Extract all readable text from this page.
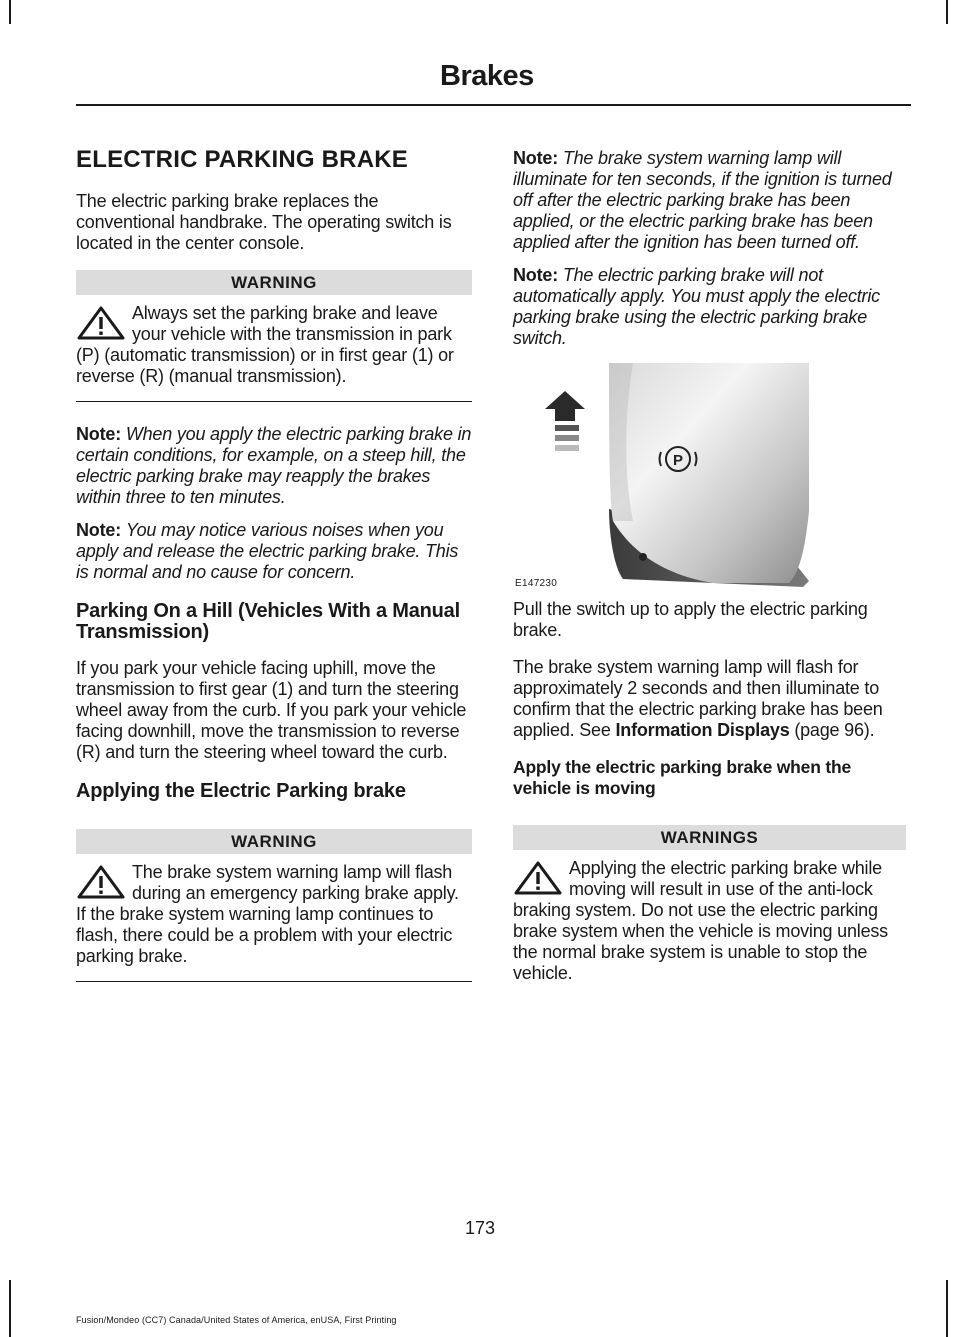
Brakes
ELECTRIC PARKING BRAKE

The electric parking brake replaces the conventional handbrake. The operating switch is located in the center console.

WARNING

Always set the parking brake and leave your vehicle with the transmission in park (P) (automatic transmission) or in first gear (1) or reverse (R) (manual transmission).

Note: When you apply the electric parking brake in certain conditions, for example, on a steep hill, the electric parking brake may reapply the brakes within three to ten minutes.

Note: You may notice various noises when you apply and release the electric parking brake. This is normal and no cause for concern.

Parking On a Hill (Vehicles With a Manual Transmission)

If you park your vehicle facing uphill, move the transmission to first gear (1) and turn the steering wheel away from the curb. If you park your vehicle facing downhill, move the transmission to reverse (R) and turn the steering wheel toward the curb.

Applying the Electric Parking brake
WARNING

The brake system warning lamp will flash during an emergency parking brake apply. If the brake system warning lamp continues to flash, there could be a problem with your electric parking brake.

Note: The brake system warning lamp will illuminate for ten seconds, if the ignition is turned off after the electric parking brake has been applied, or the electric parking brake has been applied after the ignition has been turned off.

Note: The electric parking brake will not automatically apply. You must apply the electric parking brake using the electric parking brake switch.

P
E147230

Pull the switch up to apply the electric parking brake.

The brake system warning lamp will flash for approximately 2 seconds and then illuminate to confirm that the electric parking brake has been applied. See Information Displays (page 96).

Apply the electric parking brake when the vehicle is moving
WARNINGS

Applying the electric parking brake while moving will result in use of the anti-lock braking system. Do not use the electric parking brake system when the vehicle is moving unless the normal brake system is unable to stop the vehicle.

173
Fusion/Mondeo (CC7) Canada/United States of America, enUSA, First Printing
